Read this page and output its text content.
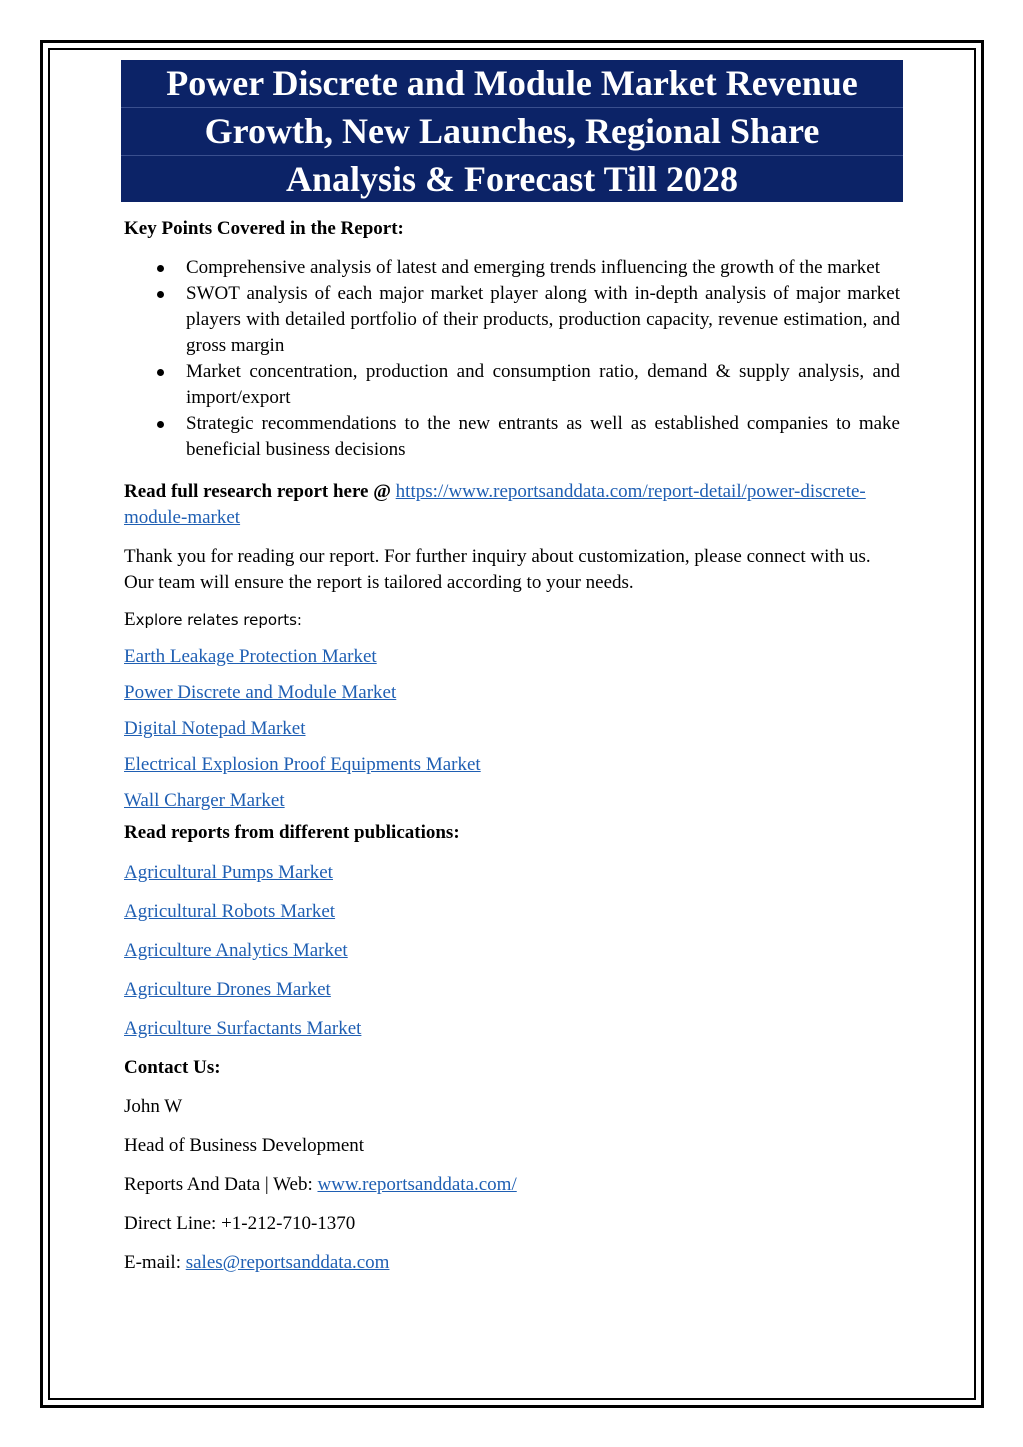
Power Discrete and Module Market Revenue
Growth, New Launches, Regional Share
Analysis & Forecast Till 2028
Key Points Covered in the Report:
Comprehensive analysis of latest and emerging trends influencing the growth of the market
SWOT analysis of each major market player along with in-depth analysis of major market players with detailed portfolio of their products, production capacity, revenue estimation, and gross margin
Market concentration, production and consumption ratio, demand & supply analysis, and import/export
Strategic recommendations to the new entrants as well as established companies to make beneficial business decisions
Read full research report here @ https://www.reportsanddata.com/report-detail/power-discrete-module-market
Thank you for reading our report. For further inquiry about customization, please connect with us. Our team will ensure the report is tailored according to your needs.
Explore relates reports:
Earth Leakage Protection Market
Power Discrete and Module Market
Digital Notepad Market
Electrical Explosion Proof Equipments Market
Wall Charger Market
Read reports from different publications:
Agricultural Pumps Market
Agricultural Robots Market
Agriculture Analytics Market
Agriculture Drones Market
Agriculture Surfactants Market
Contact Us:
John W
Head of Business Development
Reports And Data | Web: www.reportsanddata.com/
Direct Line: +1-212-710-1370
E-mail: sales@reportsanddata.com
